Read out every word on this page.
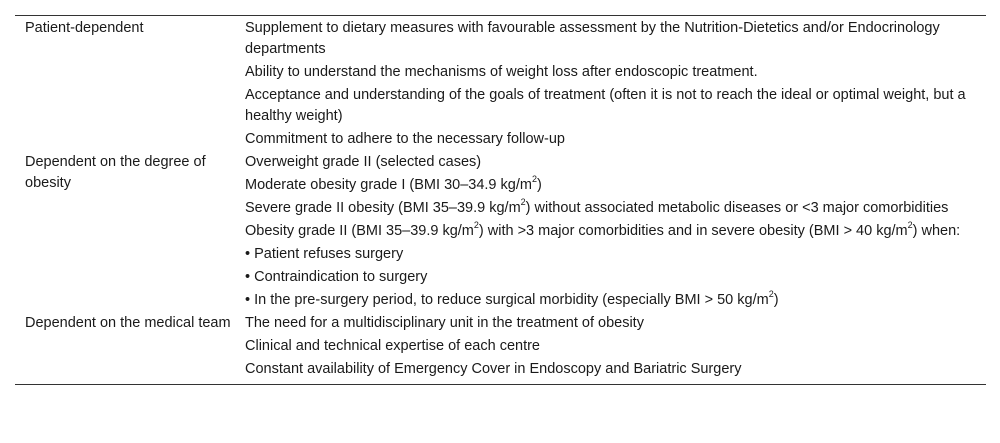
Patient-dependent	Supplement to dietary measures with favourable assessment by the Nutrition-Dietetics and/or Endocrinology departments
Ability to understand the mechanisms of weight loss after endoscopic treatment.
Acceptance and understanding of the goals of treatment (often it is not to reach the ideal or optimal weight, but a healthy weight)
Commitment to adhere to the necessary follow-up
Dependent on the degree of obesity
Overweight grade II (selected cases)
Moderate obesity grade I (BMI 30–34.9 $kg/m^2$)
Severe grade II obesity (BMI 35–39.9 $kg/m^2$) without associated metabolic diseases or <3 major comorbidities
Obesity grade II (BMI 35–39.9 $kg/m^2$) with >3 major comorbidities and in severe obesity (BMI > 40 $kg/m^2$) when:
• Patient refuses surgery
• Contraindication to surgery
• In the pre-surgery period, to reduce surgical morbidity (especially BMI > 50 $kg/m^2$)
Dependent on the medical team The need for a multidisciplinary unit in the treatment of obesity
Clinical and technical expertise of each centre
Constant availability of Emergency Cover in Endoscopy and Bariatric Surgery
